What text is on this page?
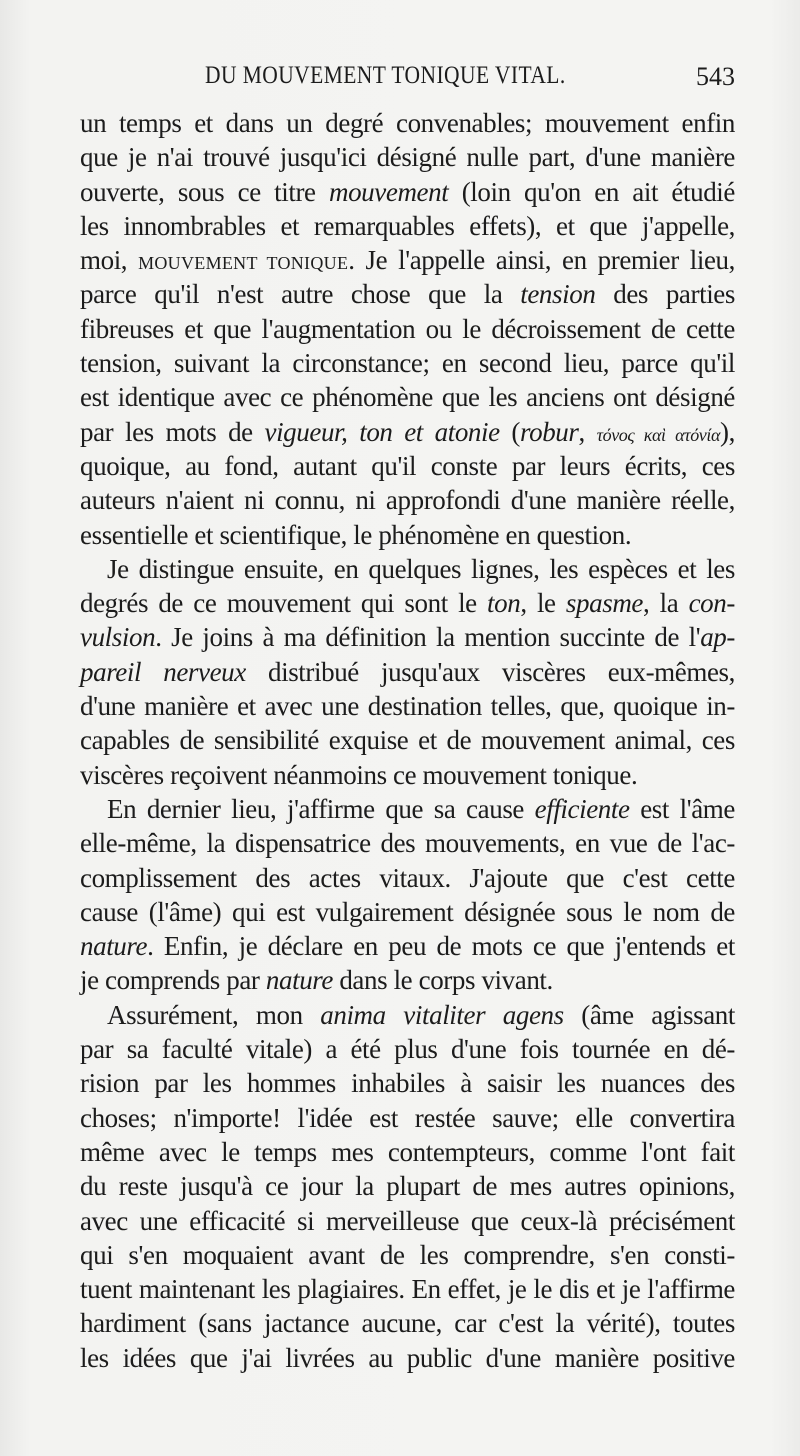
DU MOUVEMENT TONIQUE VITAL.	543
un temps et dans un degré convenables; mouvement enfin
que je n'ai trouvé jusqu'ici désigné nulle part, d'une manière
ouverte, sous ce titre mouvement (loin qu'on en ait étudié
les innombrables et remarquables effets), et que j'appelle,
moi, MOUVEMENT TONIQUE. Je l'appelle ainsi, en premier lieu,
parce qu'il n'est autre chose que la tension des parties
fibreuses et que l'augmentation ou le décroissement de cette
tension, suivant la circonstance; en second lieu, parce qu'il
est identique avec ce phénomène que les anciens ont désigné
par les mots de vigueur, ton et atonie (robur, τόνος καὶ ατόνία),
quoique, au fond, autant qu'il conste par leurs écrits, ces
auteurs n'aient ni connu, ni approfondi d'une manière réelle,
essentielle et scientifique, le phénomène en question.
Je distingue ensuite, en quelques lignes, les espèces et les
degrés de ce mouvement qui sont le ton, le spasme, la con-
vulsion. Je joins à ma définition la mention succinte de l'ap-
pareil nerveux distribué jusqu'aux viscères eux-mêmes,
d'une manière et avec une destination telles, que, quoique in-
capables de sensibilité exquise et de mouvement animal, ces
viscères reçoivent néanmoins ce mouvement tonique.
En dernier lieu, j'affirme que sa cause efficiente est l'âme
elle-même, la dispensatrice des mouvements, en vue de l'ac-
complissement des actes vitaux. J'ajoute que c'est cette
cause (l'âme) qui est vulgairement désignée sous le nom de
nature. Enfin, je déclare en peu de mots ce que j'entends et
je comprends par nature dans le corps vivant.
Assurément, mon anima vitaliter agens (âme agissant
par sa faculté vitale) a été plus d'une fois tournée en dé-
rision par les hommes inhabiles à saisir les nuances des
choses; n'importe! l'idée est restée sauve; elle convertira
même avec le temps mes contempteurs, comme l'ont fait
du reste jusqu'à ce jour la plupart de mes autres opinions,
avec une efficacité si merveilleuse que ceux-là précisément
qui s'en moquaient avant de les comprendre, s'en consti-
tuent maintenant les plagiaires. En effet, je le dis et je l'affirme
hardiment (sans jactance aucune, car c'est la vérité), toutes
les idées que j'ai livrées au public d'une manière positive
